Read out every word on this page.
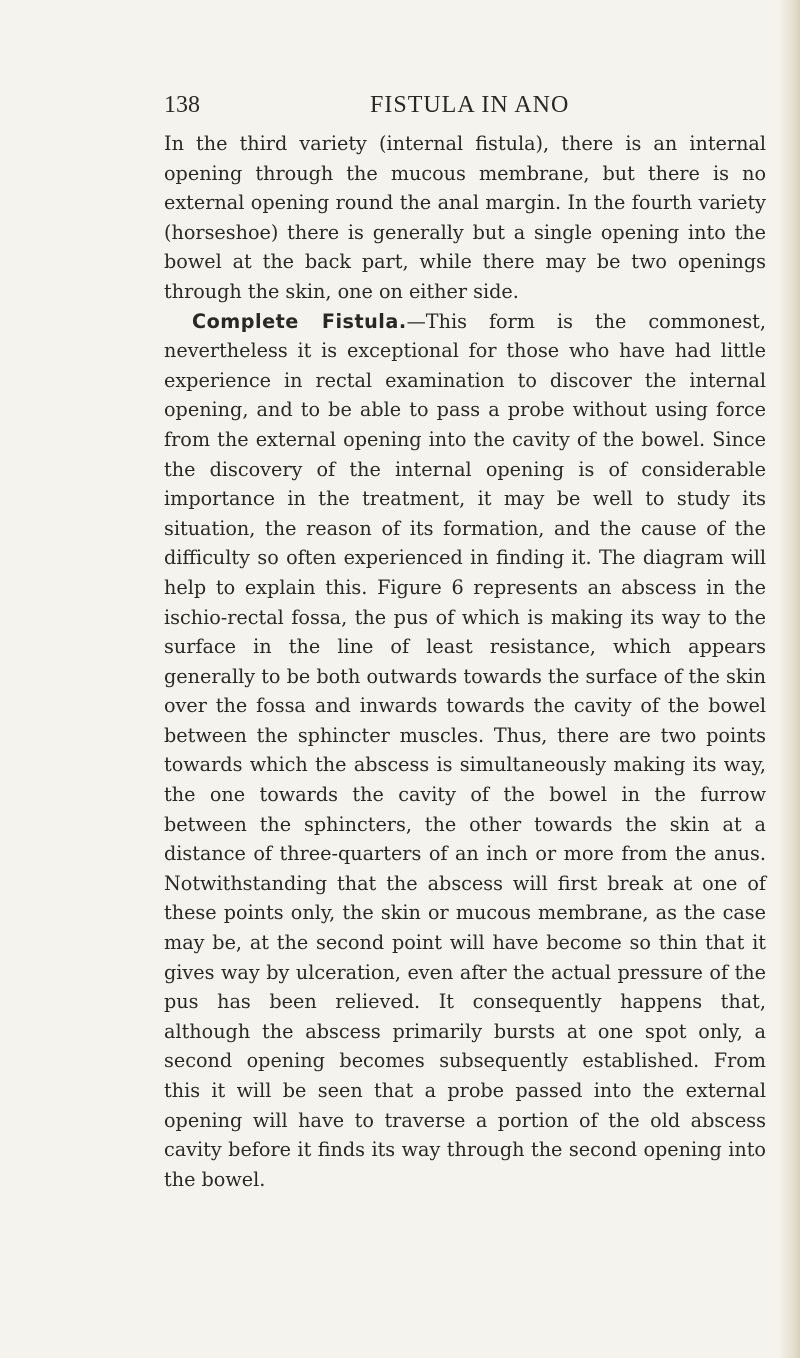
138	FISTULA IN ANO

In the third variety (internal fistula), there is an internal opening through the mucous membrane, but there is no external opening round the anal margin. In the fourth variety (horseshoe) there is generally but a single opening into the bowel at the back part, while there may be two openings through the skin, one on either side.

Complete Fistula.—This form is the commonest, nevertheless it is exceptional for those who have had little experience in rectal examination to discover the internal opening, and to be able to pass a probe without using force from the external opening into the cavity of the bowel. Since the discovery of the internal opening is of considerable importance in the treatment, it may be well to study its situation, the reason of its formation, and the cause of the difficulty so often experienced in finding it. The diagram will help to explain this. Figure 6 represents an abscess in the ischio-rectal fossa, the pus of which is making its way to the surface in the line of least resistance, which appears generally to be both outwards towards the surface of the skin over the fossa and inwards towards the cavity of the bowel between the sphincter muscles. Thus, there are two points towards which the abscess is simultaneously making its way, the one towards the cavity of the bowel in the furrow between the sphincters, the other towards the skin at a distance of three-quarters of an inch or more from the anus. Notwithstanding that the abscess will first break at one of these points only, the skin or mucous membrane, as the case may be, at the second point will have become so thin that it gives way by ulceration, even after the actual pressure of the pus has been relieved. It consequently happens that, although the abscess primarily bursts at one spot only, a second opening becomes subsequently established. From this it will be seen that a probe passed into the external opening will have to traverse a portion of the old abscess cavity before it finds its way through the second opening into the bowel.
